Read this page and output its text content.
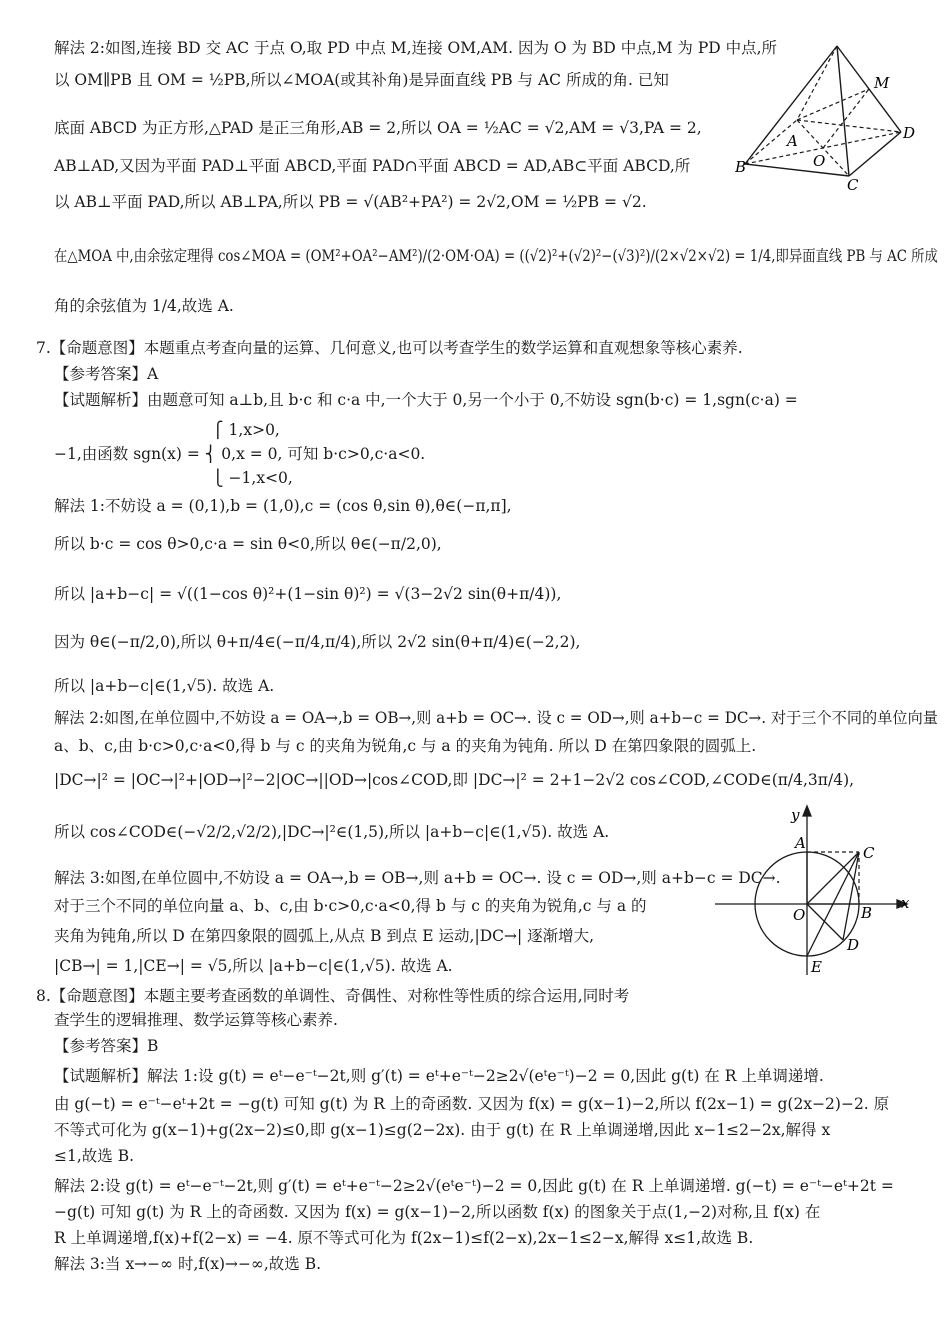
解法 2:如图,连接 BD 交 AC 于点 O,取 PD 中点 M,连接 OM,AM. 因为 O 为 BD 中点,M 为 PD 中点,所
以 OM∥PB 且 OM = ½PB,所以∠MOA(或其补角)是异面直线 PB 与 AC 所成的角. 已知
底面 ABCD 为正方形,△PAD 是正三角形,AB = 2,所以 OA = ½AC = √2,AM = √3,PA = 2,
AB⊥AD,又因为平面 PAD⊥平面 ABCD,平面 PAD∩平面 ABCD = AD,AB⊂平面 ABCD,所
以 AB⊥平面 PAD,所以 AB⊥PA,所以 PB = √(AB²+PA²) = 2√2,OM = ½PB = √2.
在△MOA 中,由余弦定理得 cos∠MOA = (OM²+OA²−AM²)/(2·OM·OA) = ((√2)²+(√2)²−(√3)²)/(2×√2×√2) = 1/4,即异面直线 PB 与 AC 所成
角的余弦值为 1/4,故选 A.
M
A
O
D
B
C
7.【命题意图】本题重点考查向量的运算、几何意义,也可以考查学生的数学运算和直观想象等核心素养.
【参考答案】A
【试题解析】由题意可知 a⊥b,且 b·c 和 c·a 中,一个大于 0,另一个小于 0,不妨设 sgn(b·c) = 1,sgn(c·a) =
⎧ 1,x>0,
−1,由函数 sgn(x) = ⎨ 0,x = 0, 可知 b·c>0,c·a<0.
⎩ −1,x<0,
解法 1:不妨设 a = (0,1),b = (1,0),c = (cos θ,sin θ),θ∈(−π,π],
所以 b·c = cos θ>0,c·a = sin θ<0,所以 θ∈(−π/2,0),
所以 |a+b−c| = √((1−cos θ)²+(1−sin θ)²) = √(3−2√2 sin(θ+π/4)),
因为 θ∈(−π/2,0),所以 θ+π/4∈(−π/4,π/4),所以 2√2 sin(θ+π/4)∈(−2,2),
所以 |a+b−c|∈(1,√5). 故选 A.
解法 2:如图,在单位圆中,不妨设 a = OA→,b = OB→,则 a+b = OC→. 设 c = OD→,则 a+b−c = DC→. 对于三个不同的单位向量
a、b、c,由 b·c>0,c·a<0,得 b 与 c 的夹角为锐角,c 与 a 的夹角为钝角. 所以 D 在第四象限的圆弧上.
|DC→|² = |OC→|²+|OD→|²−2|OC→||OD→|cos∠COD,即 |DC→|² = 2+1−2√2 cos∠COD,∠COD∈(π/4,3π/4),
所以 cos∠COD∈(−√2/2,√2/2),|DC→|²∈(1,5),所以 |a+b−c|∈(1,√5). 故选 A.
解法 3:如图,在单位圆中,不妨设 a = OA→,b = OB→,则 a+b = OC→. 设 c = OD→,则 a+b−c = DC→.
对于三个不同的单位向量 a、b、c,由 b·c>0,c·a<0,得 b 与 c 的夹角为锐角,c 与 a 的
夹角为钝角,所以 D 在第四象限的圆弧上,从点 B 到点 E 运动,|DC→| 逐渐增大,
|CB→| = 1,|CE→| = √5,所以 |a+b−c|∈(1,√5). 故选 A.
y
A
C
O	B
x
D
E
8.【命题意图】本题主要考查函数的单调性、奇偶性、对称性等性质的综合运用,同时考
查学生的逻辑推理、数学运算等核心素养.
【参考答案】B
【试题解析】解法 1:设 g(t) = eᵗ−e⁻ᵗ−2t,则 g′(t) = eᵗ+e⁻ᵗ−2≥2√(eᵗe⁻ᵗ)−2 = 0,因此 g(t) 在 R 上单调递增.
由 g(−t) = e⁻ᵗ−eᵗ+2t = −g(t) 可知 g(t) 为 R 上的奇函数. 又因为 f(x) = g(x−1)−2,所以 f(2x−1) = g(2x−2)−2. 原
不等式可化为 g(x−1)+g(2x−2)≤0,即 g(x−1)≤g(2−2x). 由于 g(t) 在 R 上单调递增,因此 x−1≤2−2x,解得 x
≤1,故选 B.
解法 2:设 g(t) = eᵗ−e⁻ᵗ−2t,则 g′(t) = eᵗ+e⁻ᵗ−2≥2√(eᵗe⁻ᵗ)−2 = 0,因此 g(t) 在 R 上单调递增. g(−t) = e⁻ᵗ−eᵗ+2t =
−g(t) 可知 g(t) 为 R 上的奇函数. 又因为 f(x) = g(x−1)−2,所以函数 f(x) 的图象关于点(1,−2)对称,且 f(x) 在
R 上单调递增,f(x)+f(2−x) = −4. 原不等式可化为 f(2x−1)≤f(2−x),2x−1≤2−x,解得 x≤1,故选 B.
解法 3:当 x→−∞ 时,f(x)→−∞,故选 B.
